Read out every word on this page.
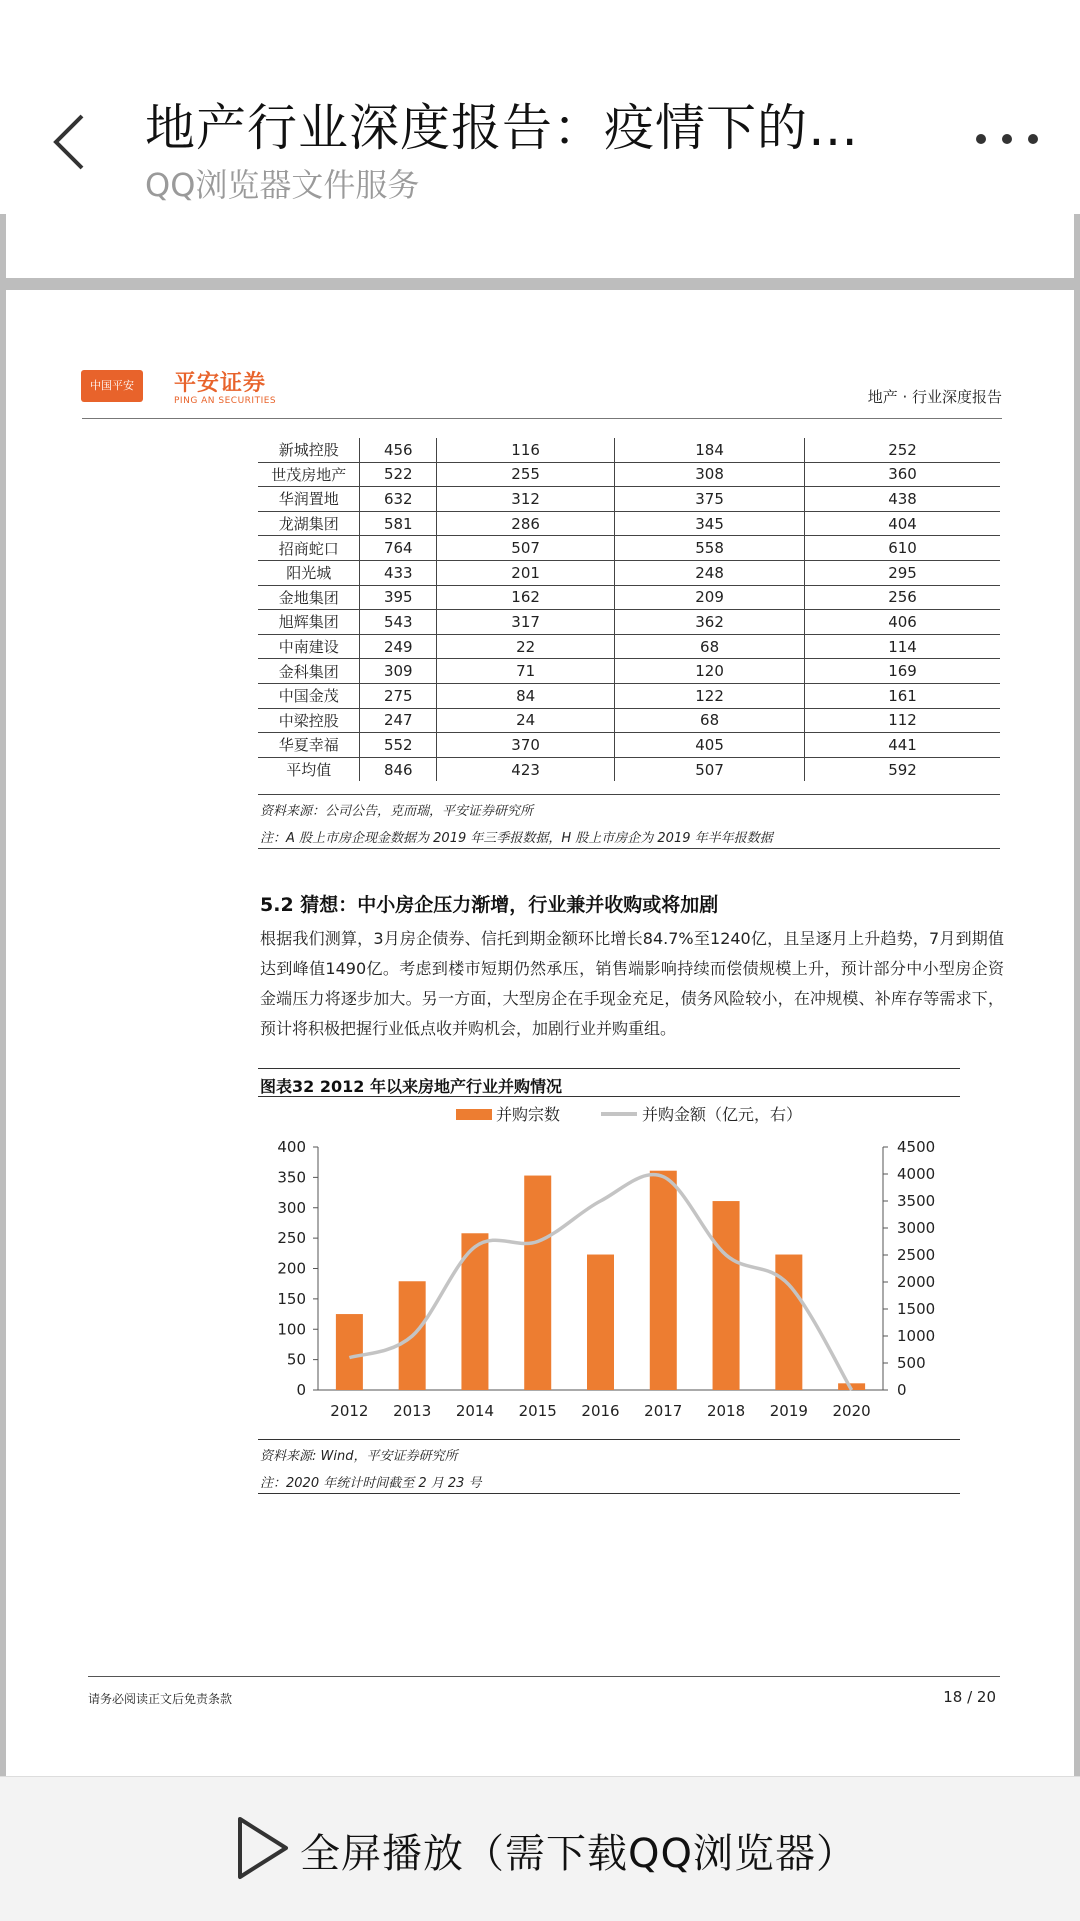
地产行业深度报告：疫情下的…
QQ浏览器文件服务
中国平安	平安证券
PING AN SECURITIES	地产 · 行业深度报告
新城控股	456	116	184	252
世茂房地产	522	255	308	360
华润置地	632	312	375	438
龙湖集团	581	286	345	404
招商蛇口	764	507	558	610
阳光城	433	201	248	295
金地集团	395	162	209	256
旭辉集团	543	317	362	406
中南建设	249	22	68	114
金科集团	309	71	120	169
中国金茂	275	84	122	161
中梁控股	247	24	68	112
华夏幸福	552	370	405	441
平均值	846	423	507	592
资料来源：公司公告，克而瑞，平安证券研究所
注：A 股上市房企现金数据为 2019 年三季报数据，H 股上市房企为 2019 年半年报数据
5.2 猜想：中小房企压力渐增，行业兼并收购或将加剧
根据我们测算，3月房企债券、信托到期金额环比增长84.7%至1240亿，且呈逐月上升趋势，7月到期值达到峰值1490亿。考虑到楼市短期仍然承压，销售端影响持续而偿债规模上升，预计部分中小型房企资金端压力将逐步加大。另一方面，大型房企在手现金充足，债务风险较小，在冲规模、补库存等需求下，预计将积极把握行业低点收并购机会，加剧行业并购重组。
图表32 2012 年以来房地产行业并购情况
并购宗数	并购金额（亿元，右）
0
50
100
150
200
250
300
350
400
0
500
1000
1500
2000
2500
3000
3500
4000
4500
2012 2013 2014 2015 2016 2017 2018 2019 2020
资料来源: Wind，平安证券研究所
注：2020 年统计时间截至 2 月 23 号
请务必阅读正文后免责条款	18 / 20
全屏播放（需下载QQ浏览器）
